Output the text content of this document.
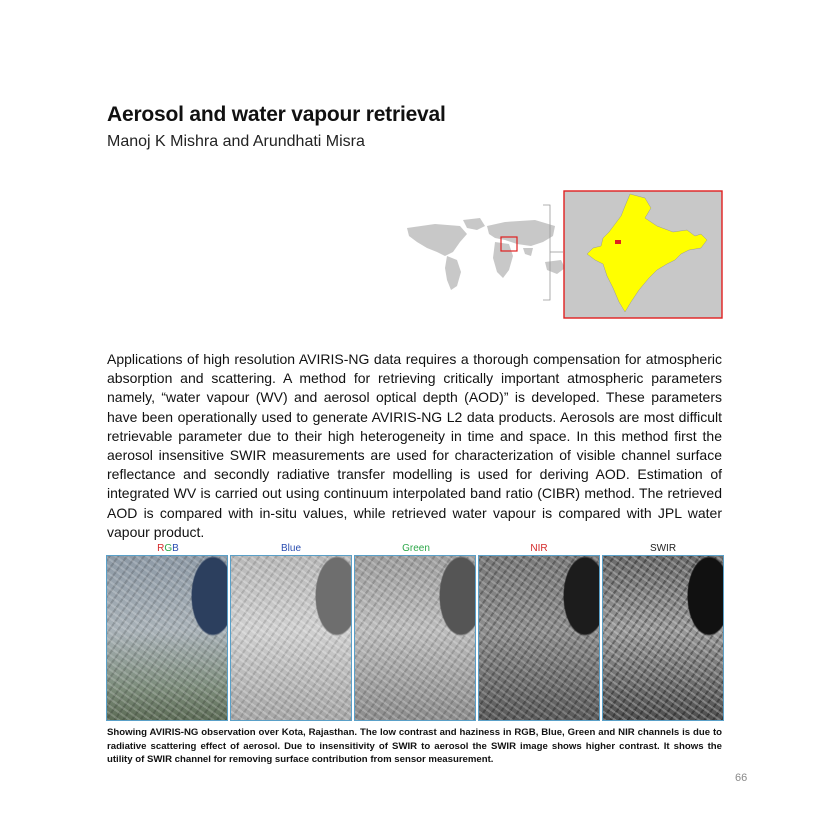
Aerosol and water vapour retrieval
Manoj K Mishra and Arundhati Misra
Applications of high resolution AVIRIS-NG data requires a thorough compensation for atmospheric absorption and scattering. A method for retrieving critically important atmospheric parameters namely, “water vapour (WV) and aerosol optical depth (AOD)” is developed. These parameters have been operationally used to generate AVIRIS-NG L2 data products. Aerosols are most difficult retrievable parameter due to their high heterogeneity in time and space. In this method first the aerosol insensitive SWIR measurements are used for characterization of visible channel surface reflectance and secondly radiative transfer modelling is used for deriving AOD. Estimation of integrated WV is carried out using continuum interpolated band ratio (CIBR) method. The retrieved AOD is compared with in-situ values, while retrieved water vapour is compared with JPL water vapour product.
RGB	Blue	Green	NIR	SWIR
Showing AVIRIS-NG observation over Kota, Rajasthan. The low contrast and haziness in RGB, Blue, Green and NIR channels is due to radiative scattering effect of aerosol. Due to insensitivity of SWIR to aerosol the SWIR image shows higher contrast. It shows the utility of SWIR channel for removing surface contribution from sensor measurement.
66
